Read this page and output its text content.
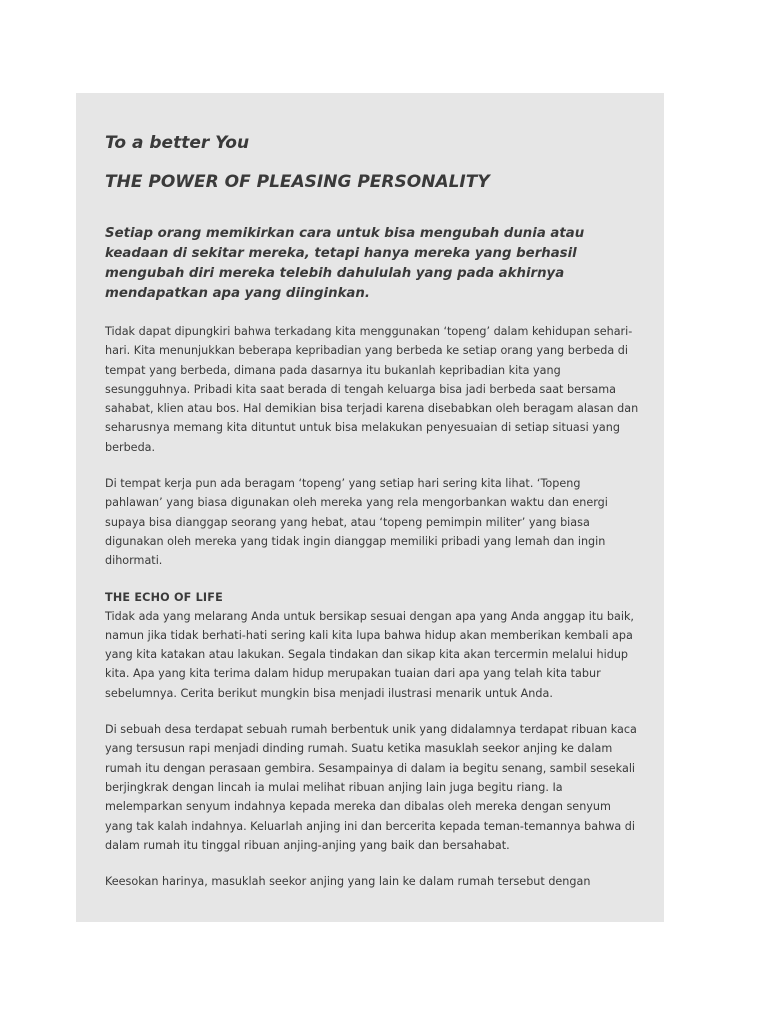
To a better You
THE POWER OF PLEASING PERSONALITY

Setiap orang memikirkan cara untuk bisa mengubah dunia atau keadaan di sekitar mereka, tetapi hanya mereka yang berhasil mengubah diri mereka telebih dahululah yang pada akhirnya mendapatkan apa yang diinginkan.

Tidak dapat dipungkiri bahwa terkadang kita menggunakan ‘topeng’ dalam kehidupan sehari-hari. Kita menunjukkan beberapa kepribadian yang berbeda ke setiap orang yang berbeda di tempat yang berbeda, dimana pada dasarnya itu bukanlah kepribadian kita yang sesungguhnya. Pribadi kita saat berada di tengah keluarga bisa jadi berbeda saat bersama sahabat, klien atau bos. Hal demikian bisa terjadi karena disebabkan oleh beragam alasan dan seharusnya memang kita dituntut untuk bisa melakukan penyesuaian di setiap situasi yang berbeda.

Di tempat kerja pun ada beragam ‘topeng’ yang setiap hari sering kita lihat. ‘Topeng pahlawan’ yang biasa digunakan oleh mereka yang rela mengorbankan waktu dan energi supaya bisa dianggap seorang yang hebat, atau ‘topeng pemimpin militer’ yang biasa digunakan oleh mereka yang tidak ingin dianggap memiliki pribadi yang lemah dan ingin dihormati.

THE ECHO OF LIFE

Tidak ada yang melarang Anda untuk bersikap sesuai dengan apa yang Anda anggap itu baik, namun jika tidak berhati-hati sering kali kita lupa bahwa hidup akan memberikan kembali apa yang kita katakan atau lakukan. Segala tindakan dan sikap kita akan tercermin melalui hidup kita. Apa yang kita terima dalam hidup merupakan tuaian dari apa yang telah kita tabur sebelumnya. Cerita berikut mungkin bisa menjadi ilustrasi menarik untuk Anda.

Di sebuah desa terdapat sebuah rumah berbentuk unik yang didalamnya terdapat ribuan kaca yang tersusun rapi menjadi dinding rumah. Suatu ketika masuklah seekor anjing ke dalam rumah itu dengan perasaan gembira. Sesampainya di dalam ia begitu senang, sambil sesekali berjingkrak dengan lincah ia mulai melihat ribuan anjing lain juga begitu riang. Ia melemparkan senyum indahnya kepada mereka dan dibalas oleh mereka dengan senyum yang tak kalah indahnya. Keluarlah anjing ini dan bercerita kepada teman-temannya bahwa di dalam rumah itu tinggal ribuan anjing-anjing yang baik dan bersahabat.

Keesokan harinya, masuklah seekor anjing yang lain ke dalam rumah tersebut dengan
